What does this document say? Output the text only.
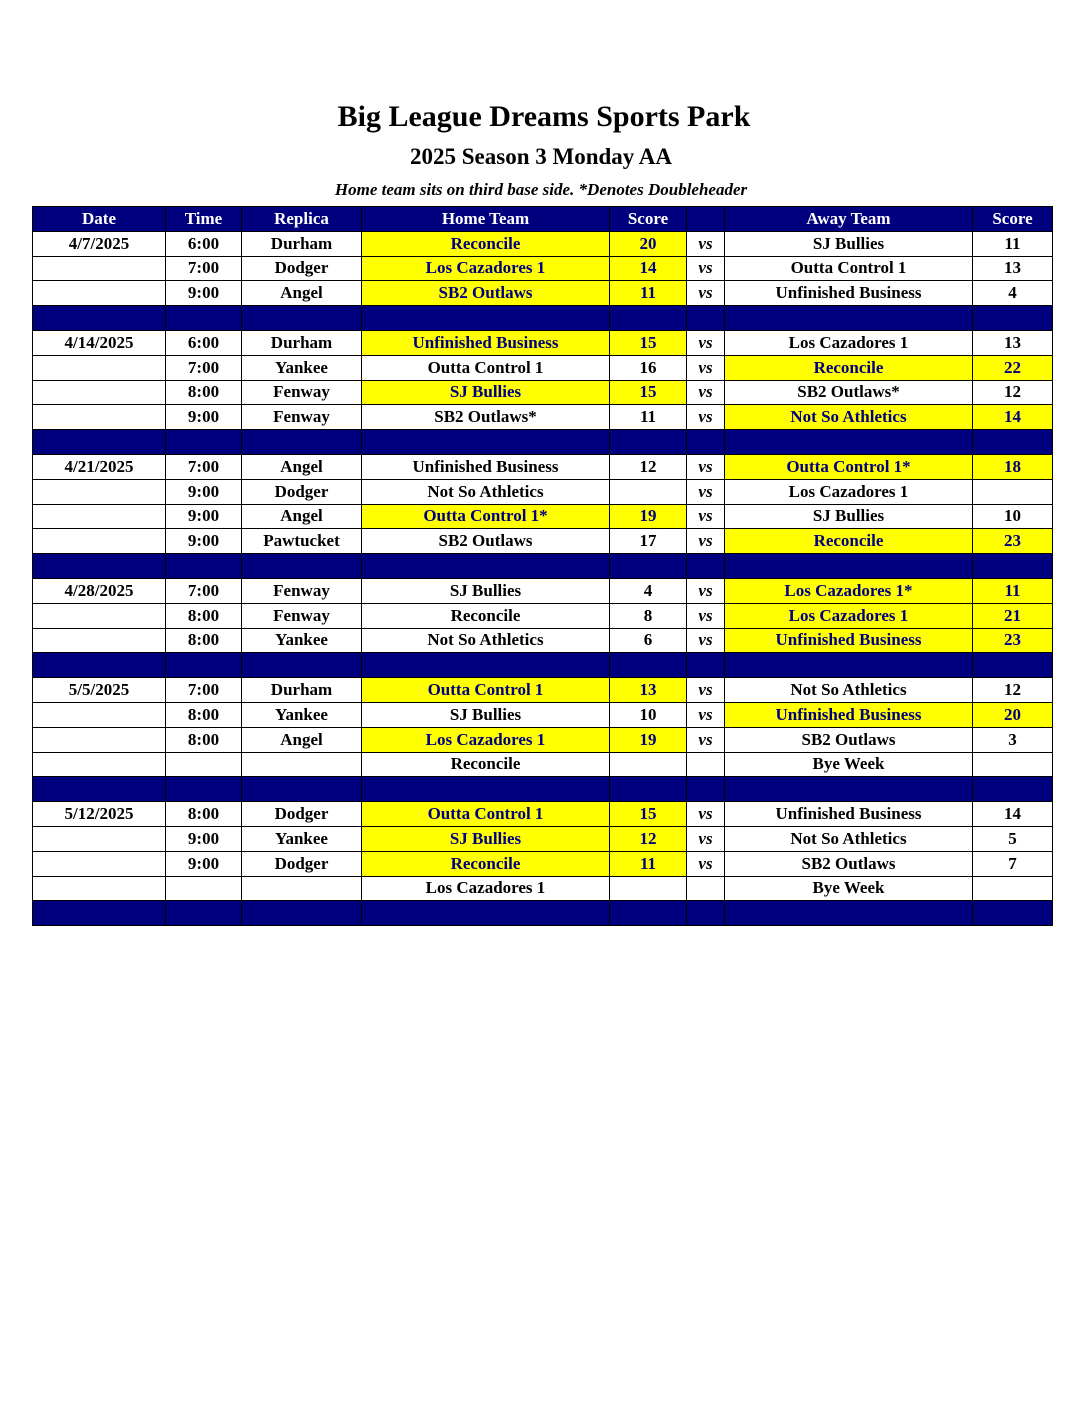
Big League Dreams Sports Park
2025 Season 3 Monday AA
Home team sits on third base side. *Denotes Doubleheader
Date	Time	Replica	Home Team	Score		Away Team	Score
4/7/2025	6:00	Durham	Reconcile	20	vs	SJ Bullies	11
	7:00	Dodger	Los Cazadores 1	14	vs	Outta Control 1	13
	9:00	Angel	SB2 Outlaws	11	vs	Unfinished Business	4

4/14/2025	6:00	Durham	Unfinished Business	15	vs	Los Cazadores 1	13
	7:00	Yankee	Outta Control 1	16	vs	Reconcile	22
	8:00	Fenway	SJ Bullies	15	vs	SB2 Outlaws*	12
	9:00	Fenway	SB2 Outlaws*	11	vs	Not So Athletics	14

4/21/2025	7:00	Angel	Unfinished Business	12	vs	Outta Control 1*	18
	9:00	Dodger	Not So Athletics		vs	Los Cazadores 1	
	9:00	Angel	Outta Control 1*	19	vs	SJ Bullies	10
	9:00	Pawtucket	SB2 Outlaws	17	vs	Reconcile	23

4/28/2025	7:00	Fenway	SJ Bullies	4	vs	Los Cazadores 1*	11
	8:00	Fenway	Reconcile	8	vs	Los Cazadores 1	21
	8:00	Yankee	Not So Athletics	6	vs	Unfinished Business	23

5/5/2025	7:00	Durham	Outta Control 1	13	vs	Not So Athletics	12
	8:00	Yankee	SJ Bullies	10	vs	Unfinished Business	20
	8:00	Angel	Los Cazadores 1	19	vs	SB2 Outlaws	3
			Reconcile			Bye Week	

5/12/2025	8:00	Dodger	Outta Control 1	15	vs	Unfinished Business	14
	9:00	Yankee	SJ Bullies	12	vs	Not So Athletics	5
	9:00	Dodger	Reconcile	11	vs	SB2 Outlaws	7
			Los Cazadores 1			Bye Week	
